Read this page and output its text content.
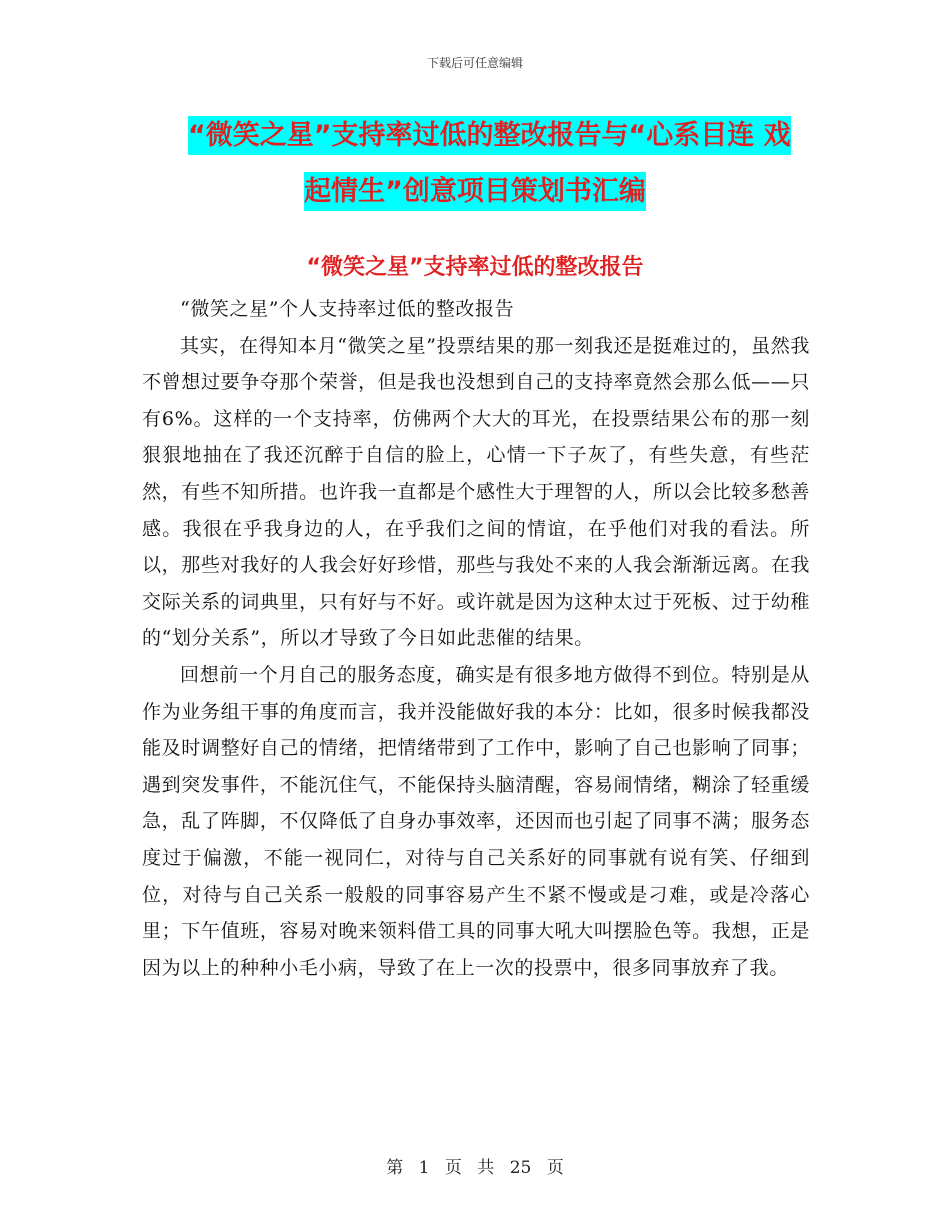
下载后可任意编辑
“微笑之星”支持率过低的整改报告与“心系目连 戏
起情生”创意项目策划书汇编
“微笑之星”支持率过低的整改报告

“微笑之星”个人支持率过低的整改报告

其实，在得知本月“微笑之星”投票结果的那一刻我还是挺难过的，虽然我不曾想过要争夺那个荣誉，但是我也没想到自己的支持率竟然会那么低——只有6%。这样的一个支持率，仿佛两个大大的耳光，在投票结果公布的那一刻狠狠地抽在了我还沉醉于自信的脸上，心情一下子灰了，有些失意，有些茫然，有些不知所措。也许我一直都是个感性大于理智的人，所以会比较多愁善感。我很在乎我身边的人，在乎我们之间的情谊，在乎他们对我的看法。所以，那些对我好的人我会好好珍惜，那些与我处不来的人我会渐渐远离。在我交际关系的词典里，只有好与不好。或许就是因为这种太过于死板、过于幼稚的“划分关系”，所以才导致了今日如此悲催的结果。

回想前一个月自己的服务态度，确实是有很多地方做得不到位。特别是从作为业务组干事的角度而言，我并没能做好我的本分：比如，很多时候我都没能及时调整好自己的情绪，把情绪带到了工作中，影响了自己也影响了同事；遇到突发事件，不能沉住气，不能保持头脑清醒，容易闹情绪，糊涂了轻重缓急，乱了阵脚，不仅降低了自身办事效率，还因而也引起了同事不满；服务态度过于偏激，不能一视同仁，对待与自己关系好的同事就有说有笑、仔细到位，对待与自己关系一般般的同事容易产生不紧不慢或是刁难，或是冷落心里；下午值班，容易对晚来领料借工具的同事大吼大叫摆脸色等。我想，正是因为以上的种种小毛小病，导致了在上一次的投票中，很多同事放弃了我。

第 1 页 共 25 页
